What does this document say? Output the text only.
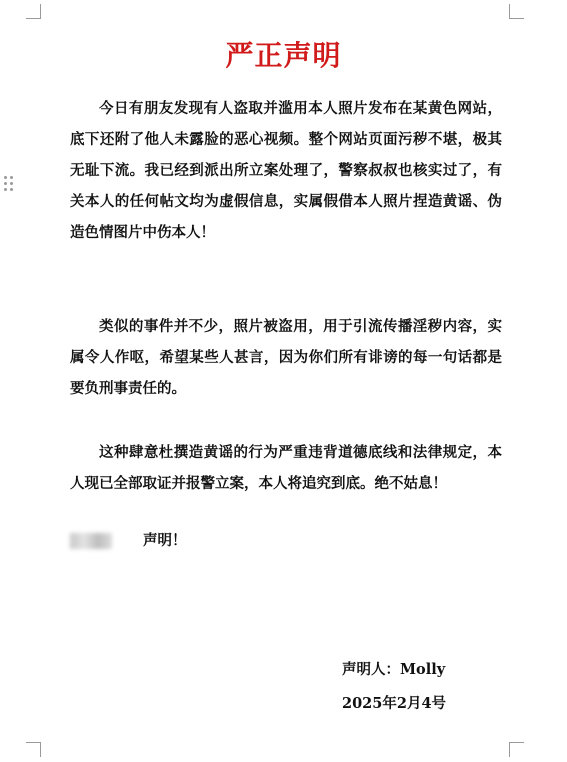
严正声明

今日有朋友发现有人盗取并滥用本人照片发布在某黄色网站，底下还附了他人未露脸的恶心视频。整个网站页面污秽不堪，极其无耻下流。我已经到派出所立案处理了，警察叔叔也核实过了，有关本人的任何帖文均为虚假信息，实属假借本人照片捏造黄谣、伪造色情图片中伤本人！

类似的事件并不少，照片被盗用，用于引流传播淫秽内容，实属令人作呕，希望某些人甚言，因为你们所有诽谤的每一句话都是要负刑事责任的。

这种肆意杜撰造黄谣的行为严重违背道德底线和法律规定，本人现已全部取证并报警立案，本人将追究到底。绝不姑息！

声明！

声明人：Molly
2025年2月4号
